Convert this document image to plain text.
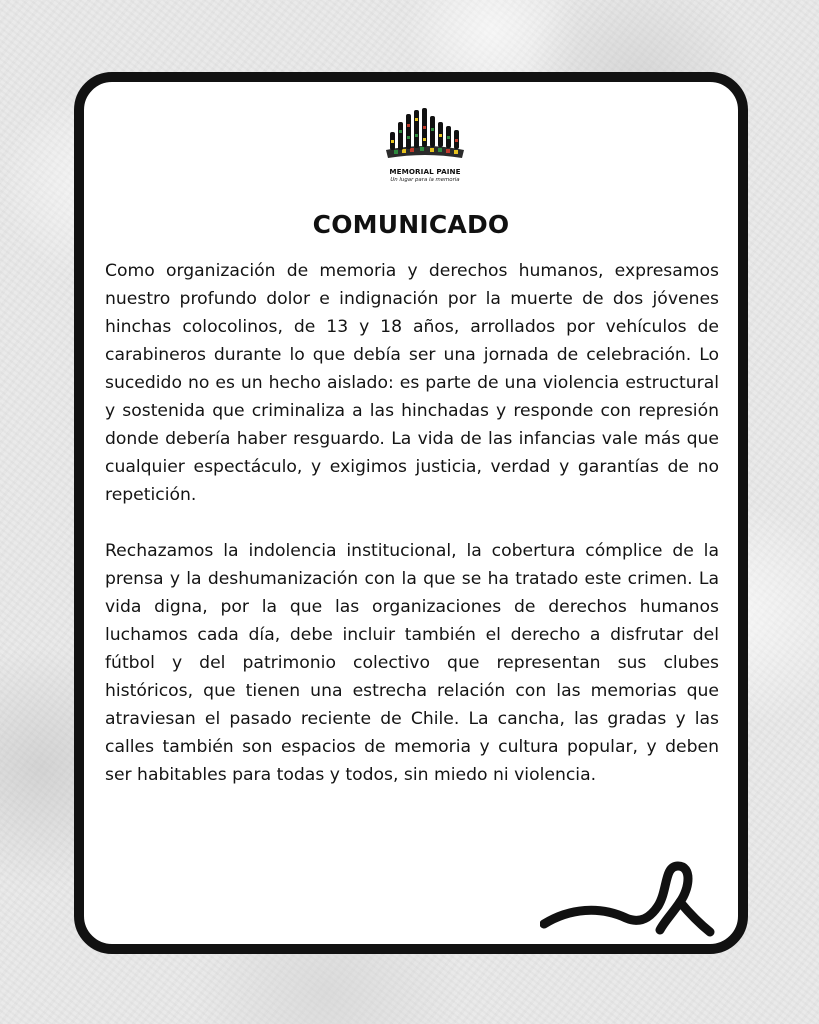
MEMORIAL PAINE
Un lugar para la memoria
COMUNICADO

Como organización de memoria y derechos humanos, expresamos nuestro profundo dolor e indignación por la muerte de dos jóvenes hinchas colocolinos, de 13 y 18 años, arrollados por vehículos de carabineros durante lo que debía ser una jornada de celebración. Lo sucedido no es un hecho aislado: es parte de una violencia estructural y sostenida que criminaliza a las hinchadas y responde con represión donde debería haber resguardo. La vida de las infancias vale más que cualquier espectáculo, y exigimos justicia, verdad y garantías de no repetición.

Rechazamos la indolencia institucional, la cobertura cómplice de la prensa y la deshumanización con la que se ha tratado este crimen. La vida digna, por la que las organizaciones de derechos humanos luchamos cada día, debe incluir también el derecho a disfrutar del fútbol y del patrimonio colectivo que representan sus clubes históricos, que tienen una estrecha relación con las memorias que atraviesan el pasado reciente de Chile. La cancha, las gradas y las calles también son espacios de memoria y cultura popular, y deben ser habitables para todas y todos, sin miedo ni violencia.
